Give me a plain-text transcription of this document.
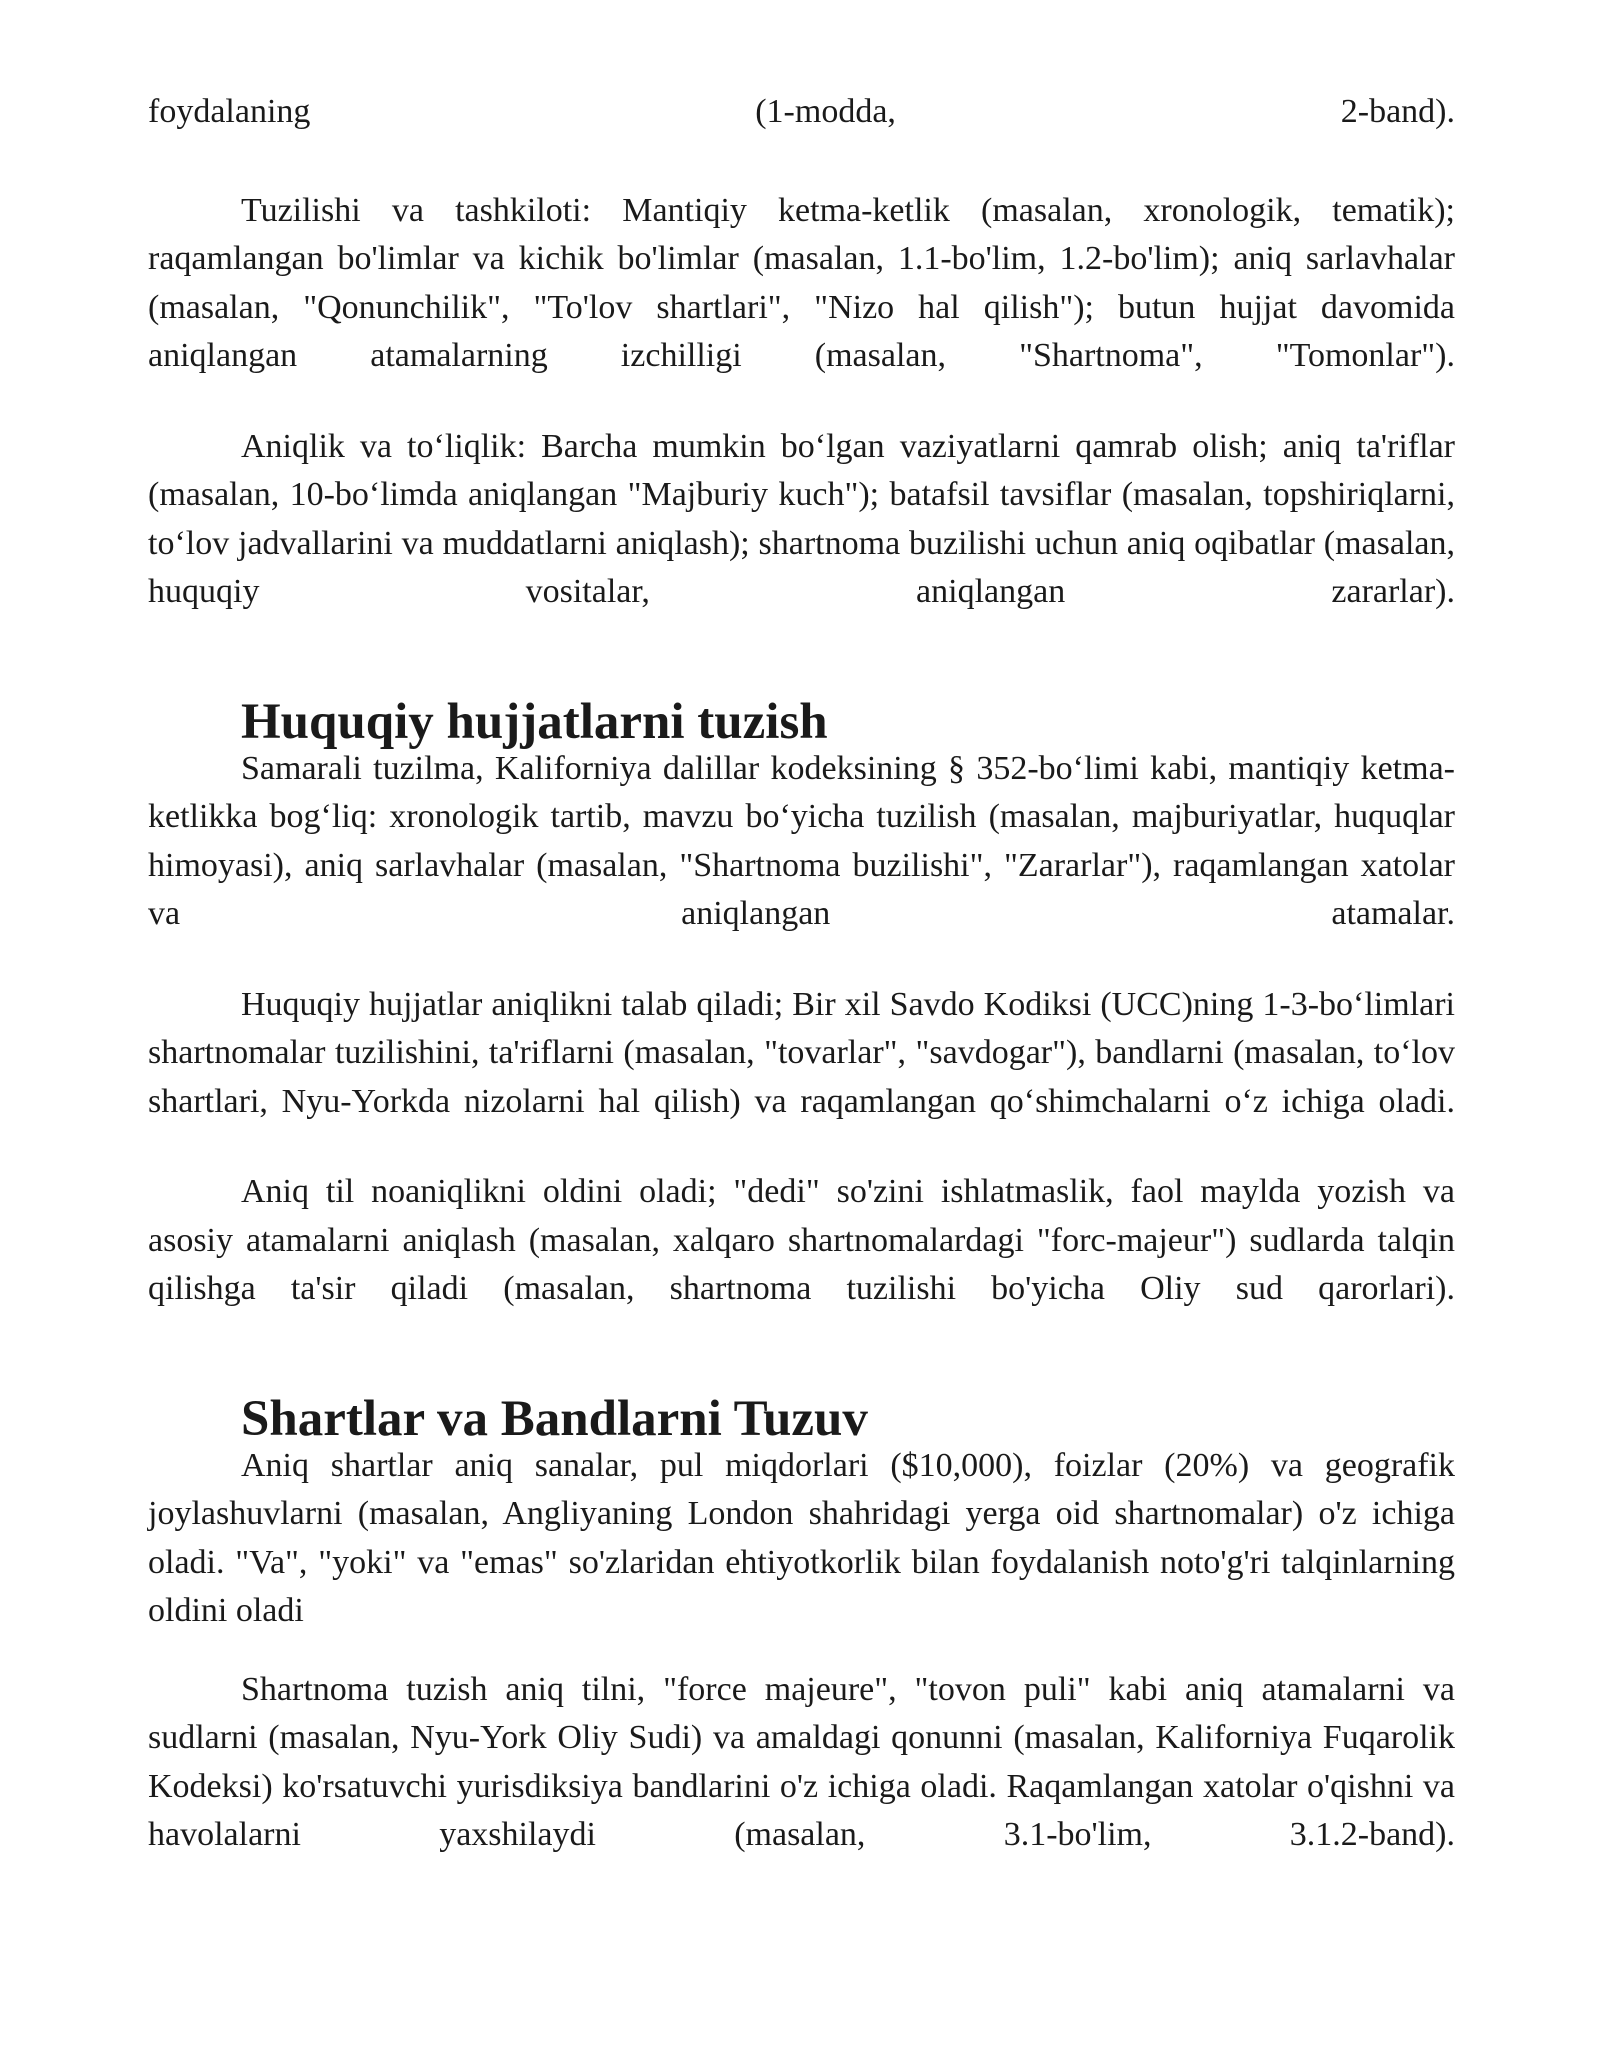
foydalaning (1-modda, 2-band).

Tuzilishi va tashkiloti: Mantiqiy ketma-ketlik (masalan, xronologik, tematik); raqamlangan bo'limlar va kichik bo'limlar (masalan, 1.1-bo'lim, 1.2-bo'lim); aniq sarlavhalar (masalan, "Qonunchilik", "To'lov shartlari", "Nizo hal qilish"); butun hujjat davomida aniqlangan atamalarning izchilligi (masalan, "Shartnoma", "Tomonlar").

Aniqlik va to‘liqlik: Barcha mumkin bo‘lgan vaziyatlarni qamrab olish; aniq ta'riflar (masalan, 10-bo‘limda aniqlangan "Majburiy kuch"); batafsil tavsiflar (masalan, topshiriqlarni, to‘lov jadvallarini va muddatlarni aniqlash); shartnoma buzilishi uchun aniq oqibatlar (masalan, huquqiy vositalar, aniqlangan zararlar).

Huquqiy hujjatlarni tuzish

Samarali tuzilma, Kaliforniya dalillar kodeksining § 352-bo‘limi kabi, mantiqiy ketma-ketlikka bog‘liq: xronologik tartib, mavzu bo‘yicha tuzilish (masalan, majburiyatlar, huquqlar himoyasi), aniq sarlavhalar (masalan, "Shartnoma buzilishi", "Zararlar"), raqamlangan xatolar va aniqlangan atamalar.

Huquqiy hujjatlar aniqlikni talab qiladi; Bir xil Savdo Kodiksi (UCC)ning 1-3-bo‘limlari shartnomalar tuzilishini, ta'riflarni (masalan, "tovarlar", "savdogar"), bandlarni (masalan, to‘lov shartlari, Nyu-Yorkda nizolarni hal qilish) va raqamlangan qo‘shimchalarni o‘z ichiga oladi.

Aniq til noaniqlikni oldini oladi; "dedi" so'zini ishlatmaslik, faol maylda yozish va asosiy atamalarni aniqlash (masalan, xalqaro shartnomalardagi "forc-majeur") sudlarda talqin qilishga ta'sir qiladi (masalan, shartnoma tuzilishi bo'yicha Oliy sud qarorlari).

Shartlar va Bandlarni Tuzuv

Aniq shartlar aniq sanalar, pul miqdorlari ($10,000), foizlar (20%) va geografik joylashuvlarni (masalan, Angliyaning London shahridagi yerga oid shartnomalar) o'z ichiga oladi. "Va", "yoki" va "emas" so'zlaridan ehtiyotkorlik bilan foydalanish noto'g'ri talqinlarning oldini oladi

Shartnoma tuzish aniq tilni, "force majeure", "tovon puli" kabi aniq atamalarni va sudlarni (masalan, Nyu-York Oliy Sudi) va amaldagi qonunni (masalan, Kaliforniya Fuqarolik Kodeksi) ko'rsatuvchi yurisdiksiya bandlarini o'z ichiga oladi. Raqamlangan xatolar o'qishni va havolalarni yaxshilaydi (masalan, 3.1-bo'lim, 3.1.2-band).
